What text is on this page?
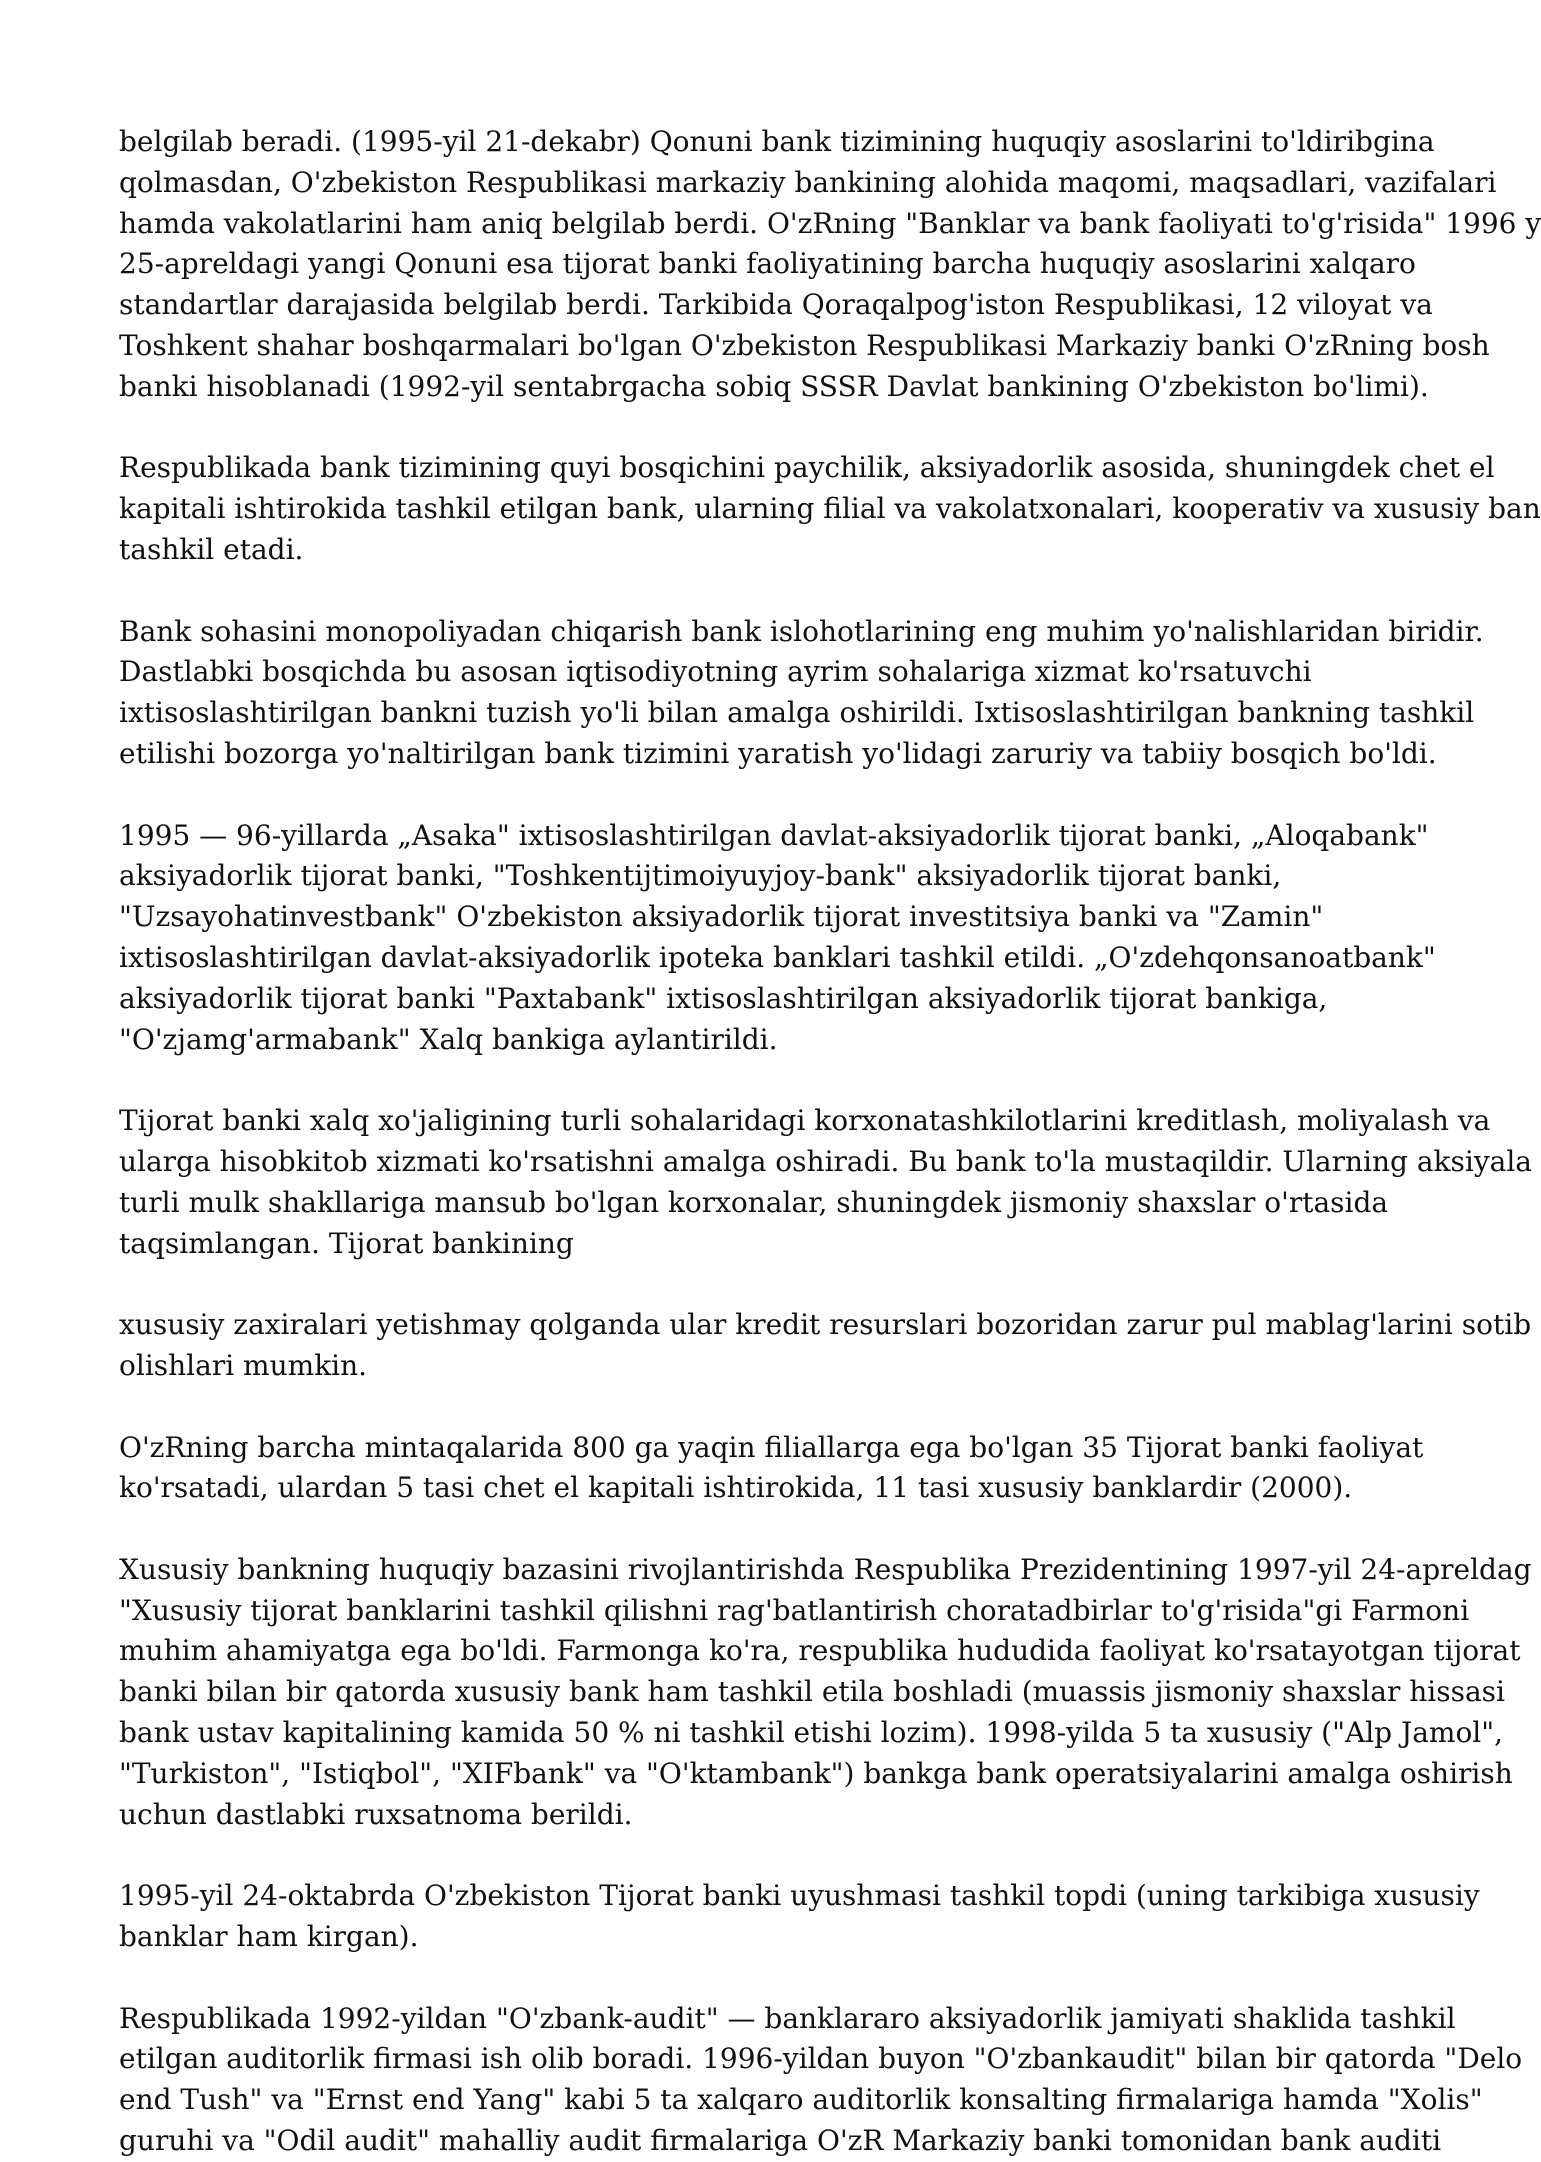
belgilab beradi. (1995-yil 21-dekabr) Qonuni bank tizimining huquqiy asoslarini to'ldiribgina
qolmasdan, O'zbekiston Respublikasi markaziy bankining alohida maqomi, maqsadlari, vazifalari
hamda vakolatlarini ham aniq belgilab berdi. O'zRning "Banklar va bank faoliyati to'g'risida" 1996 y
25-apreldagi yangi Qonuni esa tijorat banki faoliyatining barcha huquqiy asoslarini xalqaro
standartlar darajasida belgilab berdi. Tarkibida Qoraqalpog'iston Respublikasi, 12 viloyat va
Toshkent shahar boshqarmalari bo'lgan O'zbekiston Respublikasi Markaziy banki O'zRning bosh
banki hisoblanadi (1992-yil sentabrgacha sobiq SSSR Davlat bankining O'zbekiston bo'limi).

Respublikada bank tizimining quyi bosqichini paychilik, aksiyadorlik asosida, shuningdek chet el
kapitali ishtirokida tashkil etilgan bank, ularning filial va vakolatxonalari, kooperativ va xususiy ban
tashkil etadi.

Bank sohasini monopoliyadan chiqarish bank islohotlarining eng muhim yo'nalishlaridan biridir.
Dastlabki bosqichda bu asosan iqtisodiyotning ayrim sohalariga xizmat ko'rsatuvchi
ixtisoslashtirilgan bankni tuzish yo'li bilan amalga oshirildi. Ixtisoslashtirilgan bankning tashkil
etilishi bozorga yo'naltirilgan bank tizimini yaratish yo'lidagi zaruriy va tabiiy bosqich bo'ldi.

1995 — 96-yillarda „Asaka" ixtisoslashtirilgan davlat-aksiyadorlik tijorat banki, „Aloqabank"
aksiyadorlik tijorat banki, "Toshkentijtimoiyuyjoy-bank" aksiyadorlik tijorat banki,
"Uzsayohatinvestbank" O'zbekiston aksiyadorlik tijorat investitsiya banki va "Zamin"
ixtisoslashtirilgan davlat-aksiyadorlik ipoteka banklari tashkil etildi. „O'zdehqonsanoatbank"
aksiyadorlik tijorat banki "Paxtabank" ixtisoslashtirilgan aksiyadorlik tijorat bankiga,
"O'zjamg'armabank" Xalq bankiga aylantirildi.

Tijorat banki xalq xo'jaligining turli sohalaridagi korxonatashkilotlarini kreditlash, moliyalash va
ularga hisobkitob xizmati ko'rsatishni amalga oshiradi. Bu bank to'la mustaqildir. Ularning aksiyala
turli mulk shakllariga mansub bo'lgan korxonalar, shuningdek jismoniy shaxslar o'rtasida
taqsimlangan. Tijorat bankining

xususiy zaxiralari yetishmay qolganda ular kredit resurslari bozoridan zarur pul mablag'larini sotib
olishlari mumkin.

O'zRning barcha mintaqalarida 800 ga yaqin filiallarga ega bo'lgan 35 Tijorat banki faoliyat
ko'rsatadi, ulardan 5 tasi chet el kapitali ishtirokida, 11 tasi xususiy banklardir (2000).

Xususiy bankning huquqiy bazasini rivojlantirishda Respublika Prezidentining 1997-yil 24-apreldag
"Xususiy tijorat banklarini tashkil qilishni rag'batlantirish choratadbirlar to'g'risida"gi Farmoni
muhim ahamiyatga ega bo'ldi. Farmonga ko'ra, respublika hududida faoliyat ko'rsatayotgan tijorat
banki bilan bir qatorda xususiy bank ham tashkil etila boshladi (muassis jismoniy shaxslar hissasi
bank ustav kapitalining kamida 50 % ni tashkil etishi lozim). 1998-yilda 5 ta xususiy ("Alp Jamol",
"Turkiston", "Istiqbol", "XIFbank" va "O'ktambank") bankga bank operatsiyalarini amalga oshirish
uchun dastlabki ruxsatnoma berildi.

1995-yil 24-oktabrda O'zbekiston Tijorat banki uyushmasi tashkil topdi (uning tarkibiga xususiy
banklar ham kirgan).

Respublikada 1992-yildan "O'zbank-audit" — banklararo aksiyadorlik jamiyati shaklida tashkil
etilgan auditorlik firmasi ish olib boradi. 1996-yildan buyon "O'zbankaudit" bilan bir qatorda "Delo
end Tush" va "Ernst end Yang" kabi 5 ta xalqaro auditorlik konsalting firmalariga hamda "Xolis"
guruhi va "Odil audit" mahalliy audit firmalariga O'zR Markaziy banki tomonidan bank auditi
